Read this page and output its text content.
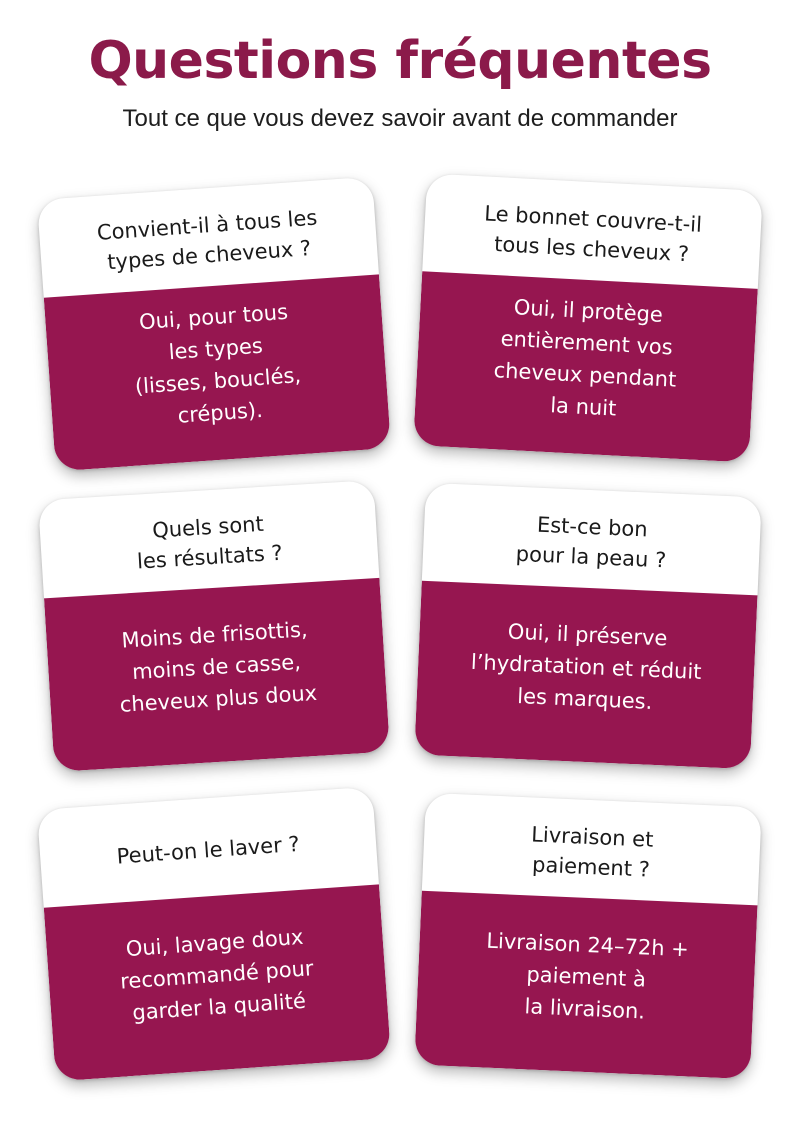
Questions fréquentes
Tout ce que vous devez savoir avant de commander
Convient-il à tous les
types de cheveux ?
Oui, pour tous
les types
(lisses, bouclés,
crépus).
Le bonnet couvre-t-il
tous les cheveux ?
Oui, il protège
entièrement vos
cheveux pendant
la nuit
Quels sont
les résultats ?
Moins de frisottis,
moins de casse,
cheveux plus doux
Est-ce bon
pour la peau ?
Oui, il préserve
l’hydratation et réduit
les marques.
Peut-on le laver ?
Oui, lavage doux
recommandé pour
garder la qualité
Livraison et
paiement ?
Livraison 24–72h +
paiement à
la livraison.
